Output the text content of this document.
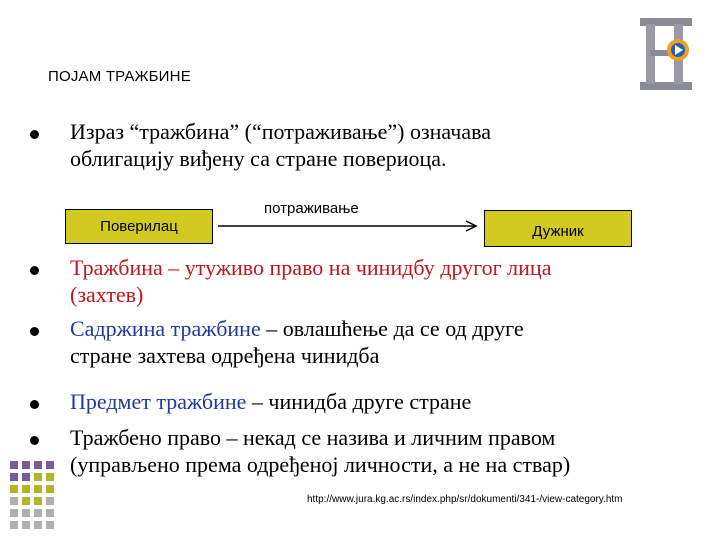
ПОЈАМ ТРАЖБИНЕ
Израз “тражбина” (“потраживање”) означава
облигацију виђену са стране повериоца.
Поверилац
потраживање
Дужник
Тражбина – утуживо право на чинидбу другог лица
(захтев)
Садржина тражбине – овлашћење да се од друге
стране захтева одређена чинидба
Предмет тражбине – чинидба друге стране
Тражбено право – некад се назива и личним правом
(управљено према одређеној личности, а не на ствар)
http://www.jura.kg.ac.rs/index.php/sr/dokumenti/341-/view-category.htm
